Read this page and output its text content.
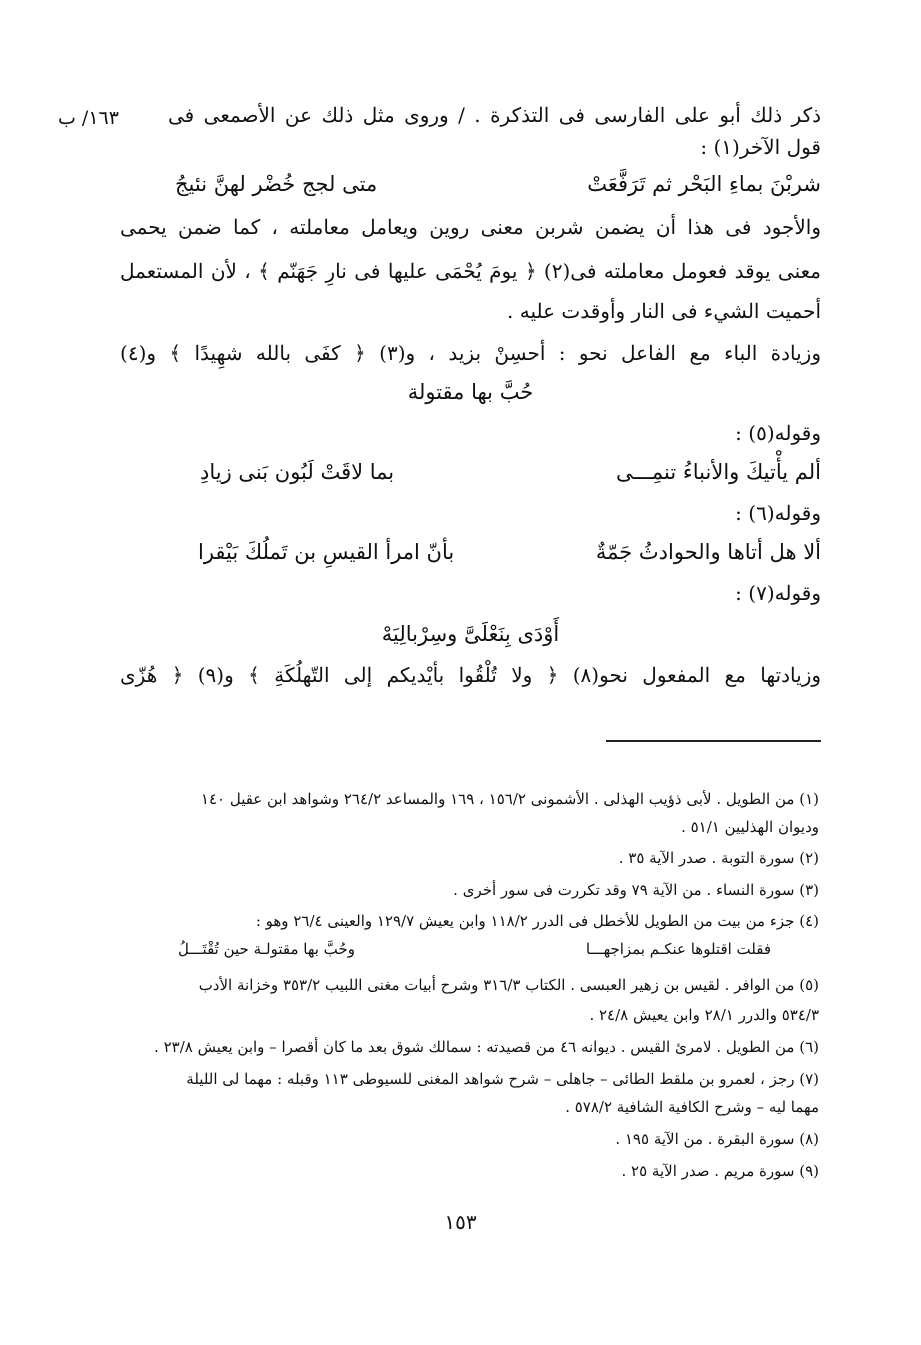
١٦٣/ ب	ذكر ذلك أبو على الفارسى فى التذكرة . / وروى مثل ذلك عن الأصمعى فى
قول الآخر(١) :
شربْنَ بماءِ البَحْر ثم تَرَفَّعَتْ
متى لجج خُضْر لهنَّ نئيجُ
والأجود فى هذا أن يضمن شربن معنى روين ويعامل معاملته ، كما ضمن يحمى
معنى يوقد فعومل معاملته فى(٢) ﴿ يومَ يُحْمَى عليها فى نارِ جَهَنّم ﴾ ، لأن المستعمل
أحميت الشيء فى النار وأوقدت عليه .
وزيادة الباء مع الفاعل نحو : أحسِنْ بزيد ، و(٣) ﴿ كفَى بالله شهِيدًا ﴾ و(٤)
حُبَّ بها مقتولة
وقوله(٥) :
ألم يأْتيكَ والأنباءُ تنمِـــى
بما لاقَتْ لَبُون بَنى زيادِ
وقوله(٦) :
ألا هل أتاها والحوادثُ جَمّةٌ
بأنّ امرأ القيسِ بن تَملُكَ بَيْقرا
وقوله(٧) :
أَوْدَى بِنَعْلَىَّ وسِرْبالِيَهْ
وزيادتها مع المفعول نحو(٨) ﴿ ولا تُلْقُوا بأيْديكم إلى التّهلُكَةِ ﴾ و(٩) ﴿ هُزّى
(١) من الطويل . لأبى ذؤيب الهذلى . الأشمونى ١٥٦/٢ ، ١٦٩ والمساعد ٢٦٤/٢ وشواهد ابن عقيل ١٤٠
وديوان الهذليين ٥١/١ .
(٢) سورة التوبة . صدر الآية ٣٥ .
(٣) سورة النساء . من الآية ٧٩ وقد تكررت فى سور أخرى .
(٤) جزء من بيت من الطويل للأخطل فى الدرر ١١٨/٢ وابن يعيش ١٢٩/٧ والعينى ٢٦/٤ وهو :
فقلت اقتلوها عنكـم بمزاجهـــا
وحُبَّ بها مقتولـة حين تُقْتَـــلُ
(٥) من الوافر . لقيس بن زهير العبسى . الكتاب ٣١٦/٣ وشرح أبيات مغنى اللبيب ٣٥٣/٢ وخزانة الأدب
٥٣٤/٣ والدرر ٢٨/١ وابن يعيش ٢٤/٨ .
(٦) من الطويل . لامرئ القيس . ديوانه ٤٦ من قصيدته : سمالك شوق بعد ما كان أقصرا – وابن يعيش ٢٣/٨ .
(٧) رجز ، لعمرو بن ملقط الطائى – جاهلى – شرح شواهد المغنى للسيوطى ١١٣ وقبله : مهما لى الليلة
مهما ليه – وشرح الكافية الشافية ٥٧٨/٢ .
(٨) سورة البقرة . من الآية ١٩٥ .
(٩) سورة مريم . صدر الآية ٢٥ .
١٥٣
